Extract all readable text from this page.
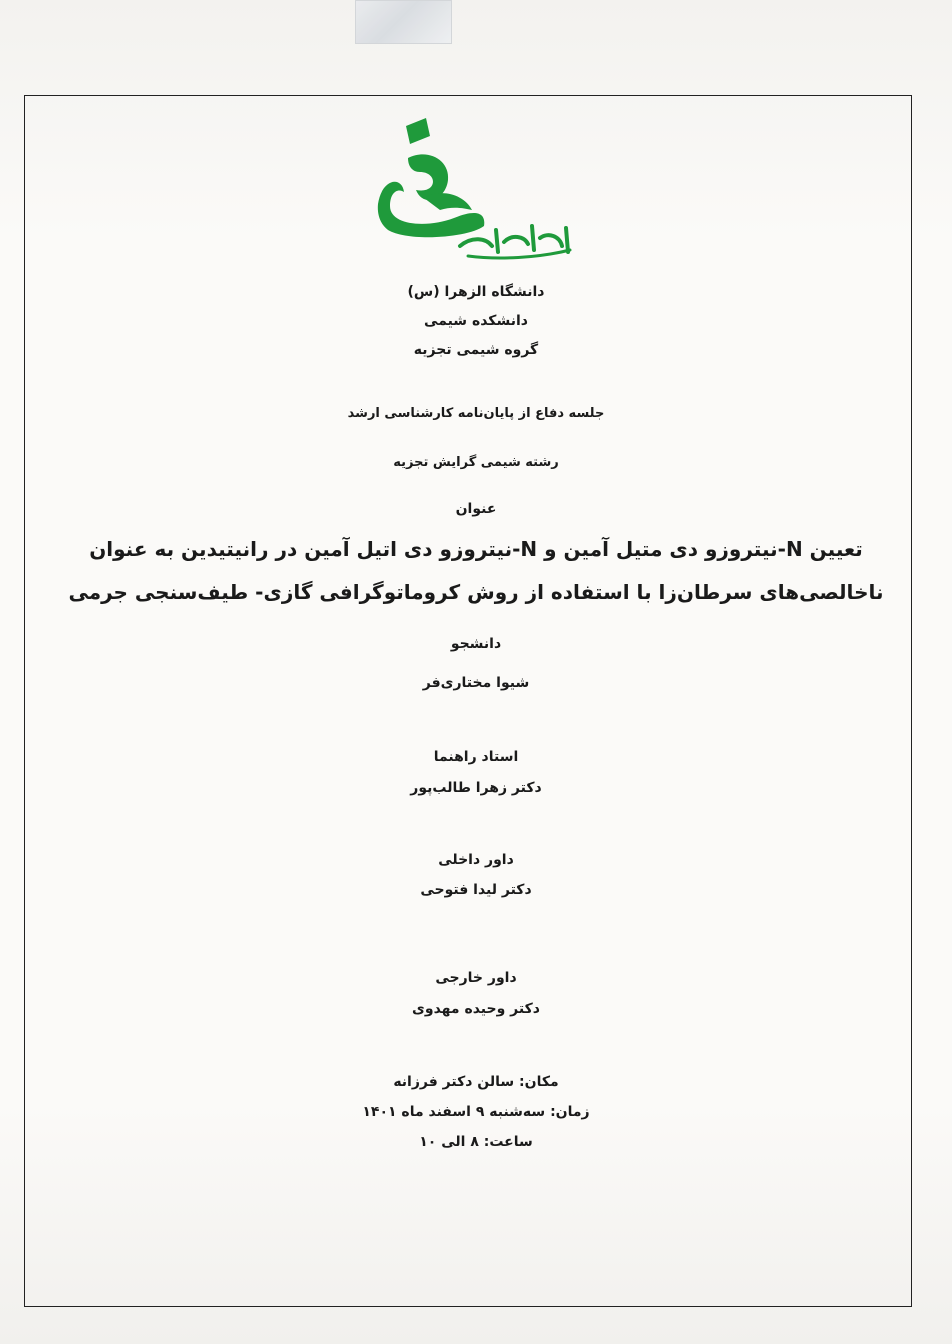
دانشگاه الزهرا (س)
دانشکده شیمی
گروه شیمی تجزیه
جلسه دفاع از پایان‌نامه کارشناسی ارشد
رشته شیمی گرایش تجزیه
عنوان
تعیین N-نیتروزو دی متیل آمین و N-نیتروزو دی اتیل آمین در رانیتیدین به عنوان
ناخالصی‌های سرطان‌زا با استفاده از روش کروماتوگرافی گازی- طیف‌سنجی جرمی
دانشجو
شیوا مختاری‌فر
استاد راهنما
دکتر زهرا طالب‌پور
داور داخلی
دکتر لیدا فتوحی
داور خارجی
دکتر وحیده مهدوی
مکان: سالن دکتر فرزانه
زمان: سه‌شنبه ۹ اسفند ماه ۱۴۰۱
ساعت: ۸ الی ۱۰
